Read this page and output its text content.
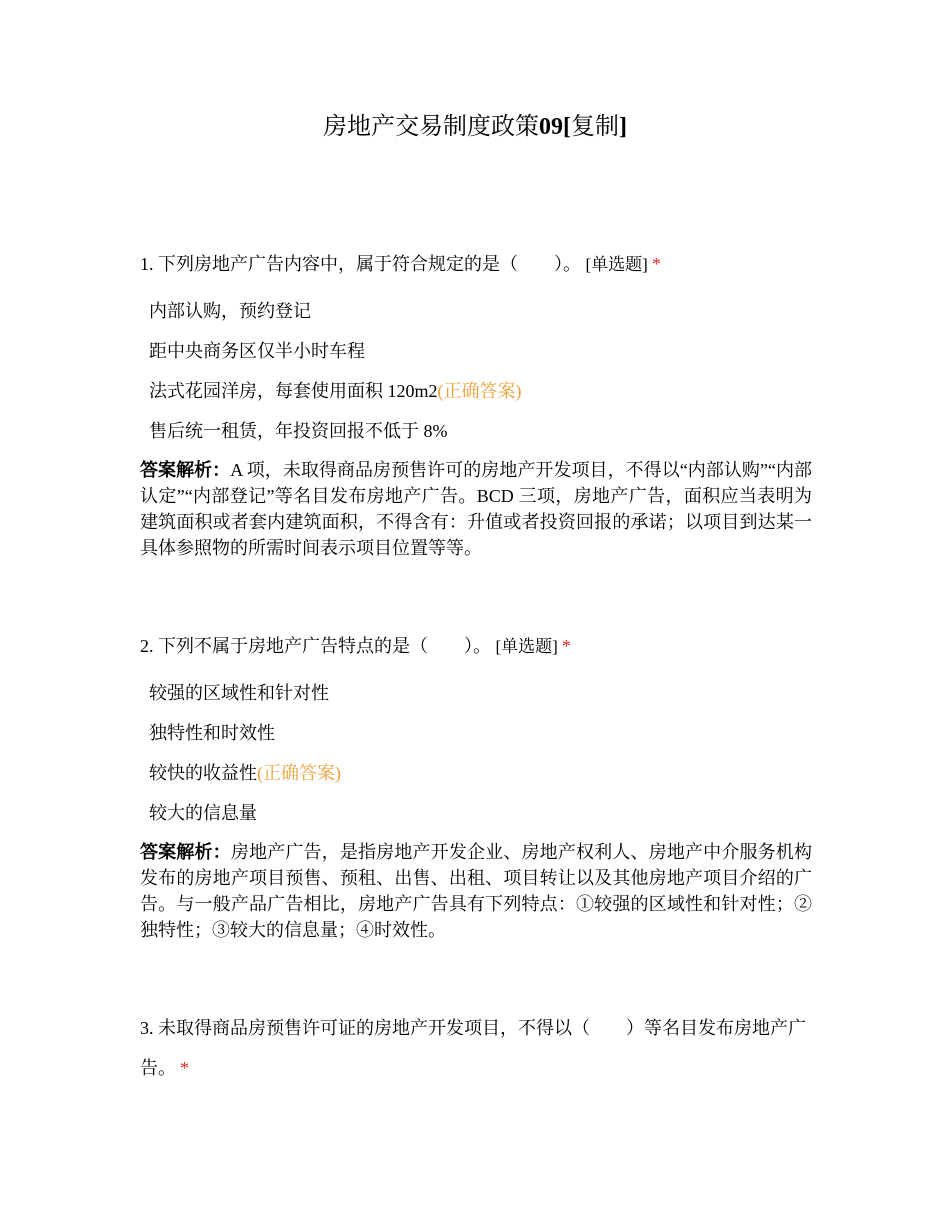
房地产交易制度政策09[复制]
1. 下列房地产广告内容中，属于符合规定的是（　　）。 [单选题] *
内部认购，预约登记
距中央商务区仅半小时车程
法式花园洋房，每套使用面积 120m2(正确答案)
售后统一租赁，年投资回报不低于 8%
答案解析：A 项，未取得商品房预售许可的房地产开发项目，不得以“内部认购”“内部认定”“内部登记”等名目发布房地产广告。BCD 三项，房地产广告，面积应当表明为建筑面积或者套内建筑面积，不得含有：升值或者投资回报的承诺；以项目到达某一具体参照物的所需时间表示项目位置等等。
2. 下列不属于房地产广告特点的是（　　）。 [单选题] *
较强的区域性和针对性
独特性和时效性
较快的收益性(正确答案)
较大的信息量
答案解析：房地产广告，是指房地产开发企业、房地产权利人、房地产中介服务机构发布的房地产项目预售、预租、出售、出租、项目转让以及其他房地产项目介绍的广告。与一般产品广告相比，房地产广告具有下列特点：①较强的区域性和针对性；②独特性；③较大的信息量；④时效性。
3. 未取得商品房预售许可证的房地产开发项目，不得以（　　）等名目发布房地产广告。 *
